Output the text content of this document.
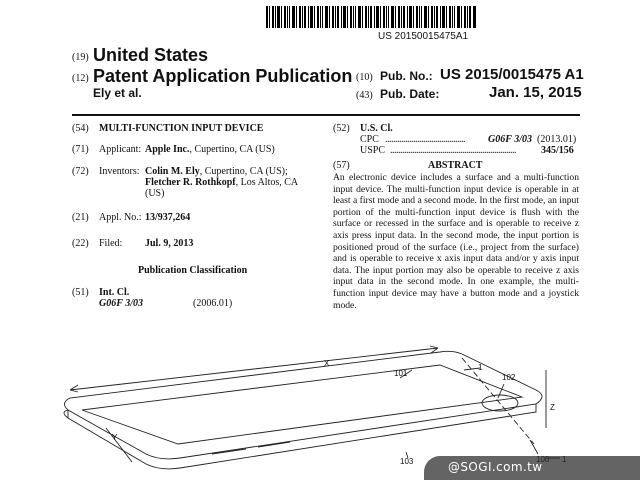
US 20150015475A1
(19) United States
(12) Patent Application Publication
Ely et al.
(10) Pub. No.: US 2015/0015475 A1
(43) Pub. Date:	Jan. 15, 2015
(54) MULTI-FUNCTION INPUT DEVICE
(71) Applicant: Apple Inc., Cupertino, CA (US)
(72) Inventors: Colin M. Ely, Cupertino, CA (US);
Fletcher R. Rothkopf, Los Altos, CA
(US)
(21) Appl. No.: 13/937,264
(22) Filed: Jul. 9, 2013
Publication Classification
(51) Int. Cl.
G06F 3/03	(2006.01)
(52) U.S. Cl.
CPC ........................................ G06F 3/03 (2013.01)
USPC ...............................................................	345/156
(57)	ABSTRACT
An electronic device includes a surface and a multi-function input device. The multi-function input device is operable in at least a first mode and a second mode. In the first mode, an input portion of the multi-function input device is flush with the surface or recessed in the surface and is operable to receive z axis press input data. In the second mode, the input portion is positioned proud of the surface (i.e., project from the surface) and is operable to receive x axis input data and/or y axis input data. The input portion may also be operable to receive z axis input data in the second mode. In one example, the multi-function input device may have a button mode and a joystick mode.
X
Y
Z
101	102
103
1
@SOGI.com.tw
